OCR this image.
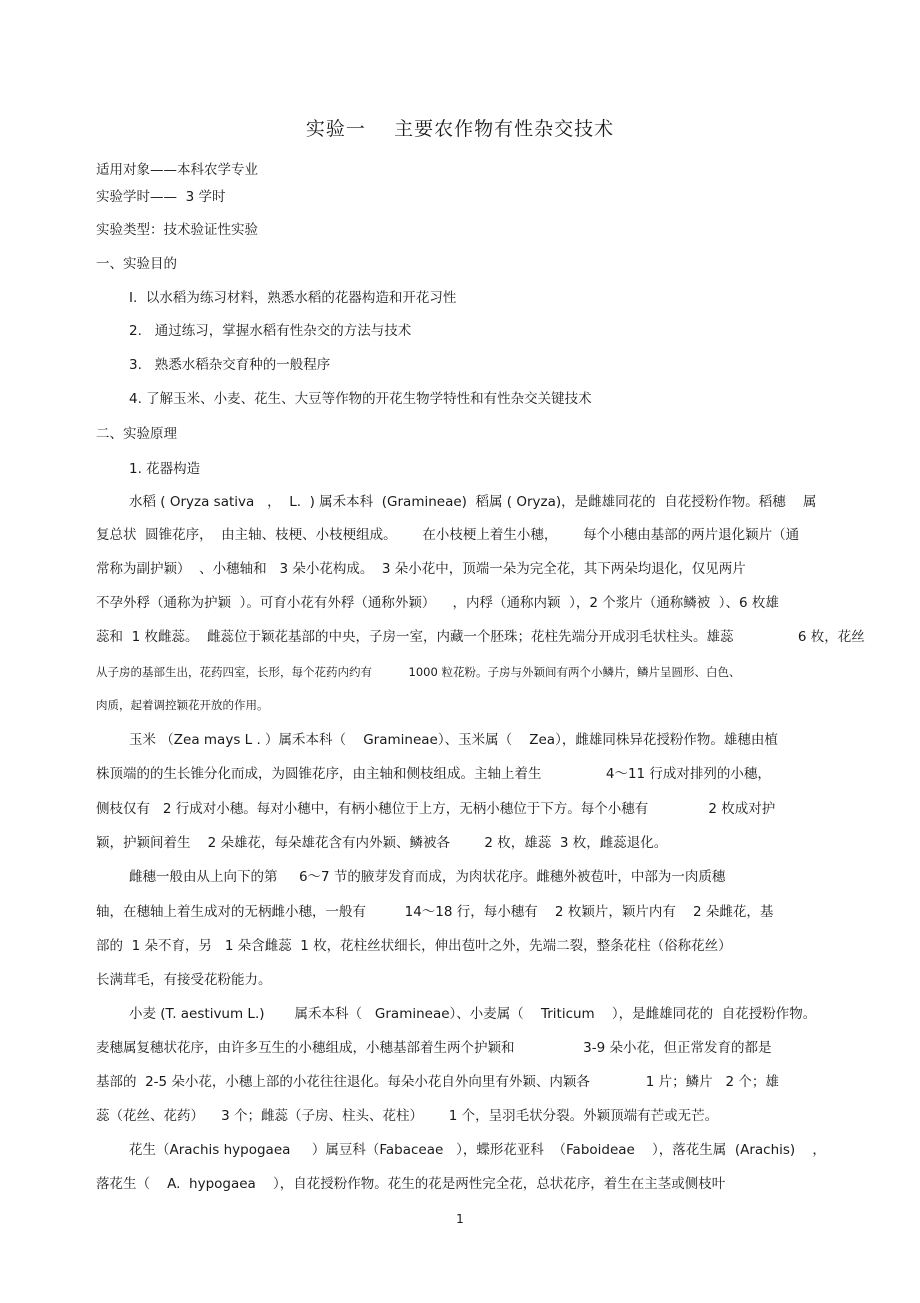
实验一    主要农作物有性杂交技术
适用对象——本科农学专业
实验学时——  3 学时
实验类型：技术验证性实验
一、实验目的
I.  以水稻为练习材料，熟悉水稻的花器构造和开花习性
2.   通过练习，掌握水稻有性杂交的方法与技术
3.   熟悉水稻杂交育种的一般程序
4. 了解玉米、小麦、花生、大豆等作物的开花生物学特性和有性杂交关键技术
二、实验原理
1. 花器构造
水稻 ( Oryza sativa   ，  L.  ) 属禾本科  (Gramineae)  稻属 ( Oryza)，是雌雄同花的  自花授粉作物。稻穗    属
复总状  圆锥花序，  由主轴、枝梗、小枝梗组成。      在小枝梗上着生小穗，      每个小穗由基部的两片退化颖片（通
常称为副护颖）  、小穗轴和   3 朵小花构成。  3 朵小花中，顶端一朵为完全花，其下两朵均退化，仅见两片
不孕外稃（通称为护颖  ）。可育小花有外稃（通称外颖）    ，内稃（通称内颖  ），2 个浆片（通称鳞被  ）、6 枚雄
蕊和  1 枚雌蕊。  雌蕊位于颖花基部的中央，子房一室，内藏一个胚珠；花柱先端分开成羽毛状柱头。雄蕊               6 枚，花丝
从子房的基部生出，花药四室，长形，每个花药内约有          1000 粒花粉。子房与外颖间有两个小鳞片，鳞片呈圆形、白色、
肉质，起着调控颖花开放的作用。
玉米 （Zea mays L . ）属禾本科（    Gramineae）、玉米属（    Zea），雌雄同株异花授粉作物。雄穗由植
株顶端的的生长锥分化而成，为圆锥花序，由主轴和侧枝组成。主轴上着生               4～11 行成对排列的小穗，
侧枝仅有   2 行成对小穗。每对小穗中，有柄小穗位于上方，无柄小穗位于下方。每个小穗有              2 枚成对护
颖，护颖间着生    2 朵雄花，每朵雄花含有内外颖、鳞被各        2 枚，雄蕊  3 枚，雌蕊退化。
雌穗一般由从上向下的第     6～7 节的腋芽发育而成，为肉状花序。雌穗外被苞叶，中部为一肉质穗
轴，在穗轴上着生成对的无柄雌小穗，一般有         14～18 行，每小穗有    2 枚颖片，颖片内有    2 朵雌花，基
部的  1 朵不育，另   1 朵含雌蕊  1 枚，花柱丝状细长，伸出苞叶之外，先端二裂，整条花柱（俗称花丝）
长满茸毛，有接受花粉能力。
小麦 (T. aestivum L.)       属禾本科（   Gramineae）、小麦属（    Triticum    ），是雌雄同花的  自花授粉作物。
麦穗属复穗状花序，由许多互生的小穗组成，小穗基部着生两个护颖和                3-9 朵小花，但正常发育的都是
基部的  2-5 朵小花，小穗上部的小花往往退化。每朵小花自外向里有外颖、内颖各             1 片；鳞片   2 个；雄
蕊（花丝、花药）    3 个；雌蕊（子房、柱头、花柱）      1 个，呈羽毛状分裂。外颖顶端有芒或无芒。
花生（Arachis hypogaea     ）属豆科（Fabaceae   ），蝶形花亚科  （Faboideae    ），落花生属  (Arachis)    ，
落花生（    A.  hypogaea    ），自花授粉作物。花生的花是两性完全花，总状花序，着生在主茎或侧枝叶
1
